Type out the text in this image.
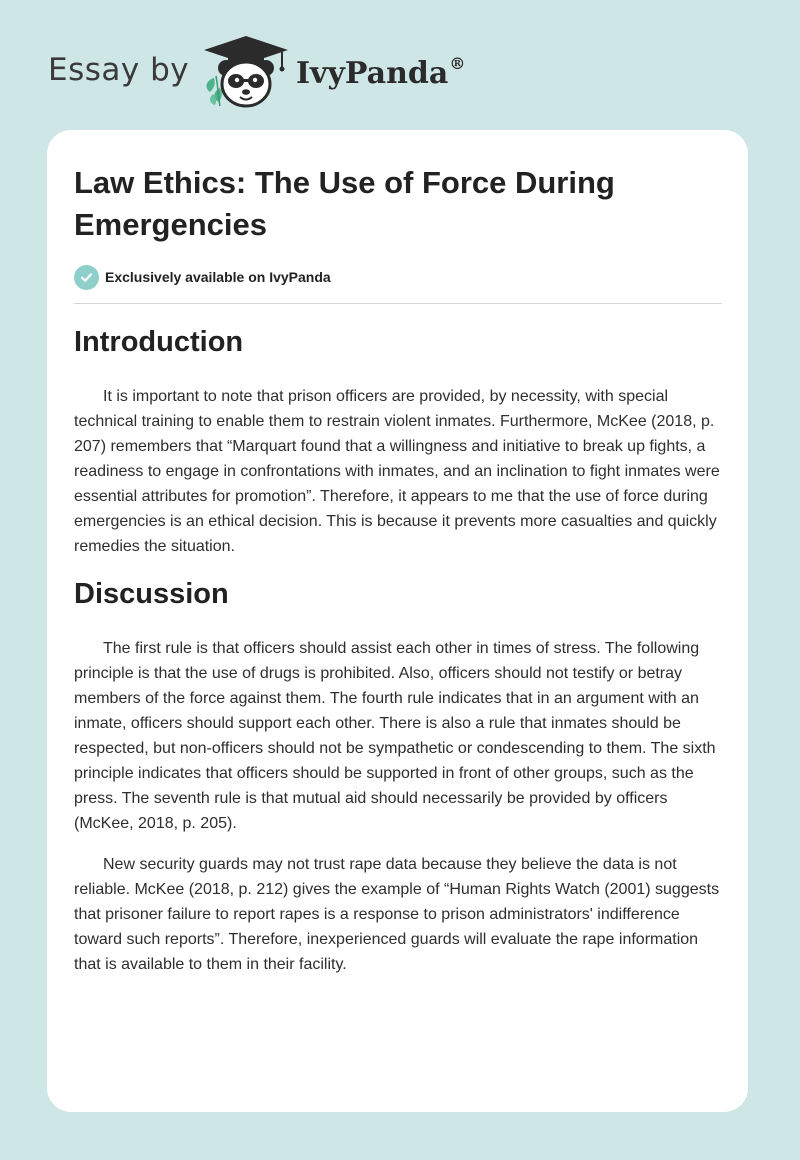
Essay by	IvyPanda®
Law Ethics: The Use of Force During Emergencies
Exclusively available on IvyPanda
Introduction

It is important to note that prison officers are provided, by necessity, with special technical training to enable them to restrain violent inmates. Furthermore, McKee (2018, p. 207) remembers that “Marquart found that a willingness and initiative to break up fights, a readiness to engage in confrontations with inmates, and an inclination to fight inmates were essential attributes for promotion”. Therefore, it appears to me that the use of force during emergencies is an ethical decision. This is because it prevents more casualties and quickly remedies the situation.

Discussion

The first rule is that officers should assist each other in times of stress. The following principle is that the use of drugs is prohibited. Also, officers should not testify or betray members of the force against them. The fourth rule indicates that in an argument with an inmate, officers should support each other. There is also a rule that inmates should be respected, but non-officers should not be sympathetic or condescending to them. The sixth principle indicates that officers should be supported in front of other groups, such as the press. The seventh rule is that mutual aid should necessarily be provided by officers (McKee, 2018, p. 205).

New security guards may not trust rape data because they believe the data is not reliable. McKee (2018, p. 212) gives the example of “Human Rights Watch (2001) suggests that prisoner failure to report rapes is a response to prison administrators' indifference toward such reports”. Therefore, inexperienced guards will evaluate the rape information that is available to them in their facility.
